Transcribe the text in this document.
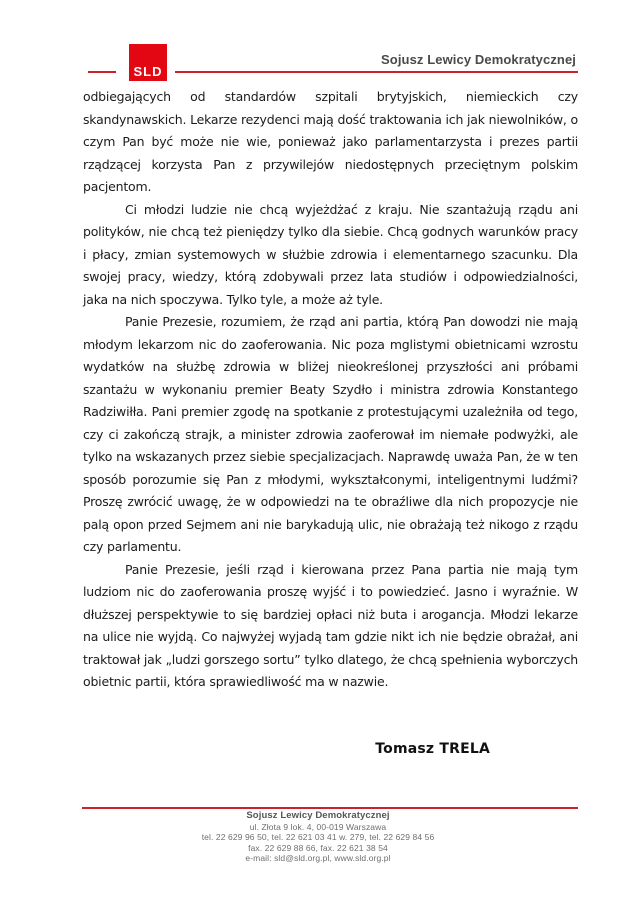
SLD
Sojusz Lewicy Demokratycznej

odbiegających od standardów szpitali brytyjskich, niemieckich czy skandynawskich. Lekarze rezydenci mają dość traktowania ich jak niewolników, o czym Pan być może nie wie, ponieważ jako parlamentarzysta i prezes partii rządzącej korzysta Pan z przywilejów niedostępnych przeciętnym polskim pacjentom.

Ci młodzi ludzie nie chcą wyjeżdżać z kraju. Nie szantażują rządu ani polityków, nie chcą też pieniędzy tylko dla siebie. Chcą godnych warunków pracy i płacy, zmian systemowych w służbie zdrowia i elementarnego szacunku. Dla swojej pracy, wiedzy, którą zdobywali przez lata studiów i odpowiedzialności, jaka na nich spoczywa. Tylko tyle, a może aż tyle.

Panie Prezesie, rozumiem, że rząd ani partia, którą Pan dowodzi nie mają młodym lekarzom nic do zaoferowania. Nic poza mglistymi obietnicami wzrostu wydatków na służbę zdrowia w bliżej nieokreślonej przyszłości ani próbami szantażu w wykonaniu premier Beaty Szydło i ministra zdrowia Konstantego Radziwiłła. Pani premier zgodę na spotkanie z protestującymi uzależniła od tego, czy ci zakończą strajk, a minister zdrowia zaoferował im niemałe podwyżki, ale tylko na wskazanych przez siebie specjalizacjach. Naprawdę uważa Pan, że w ten sposób porozumie się Pan z młodymi, wykształconymi, inteligentnymi ludźmi? Proszę zwrócić uwagę, że w odpowiedzi na te obraźliwe dla nich propozycje nie palą opon przed Sejmem ani nie barykadują ulic, nie obrażają też nikogo z rządu czy parlamentu.

Panie Prezesie, jeśli rząd i kierowana przez Pana partia nie mają tym ludziom nic do zaoferowania proszę wyjść i to powiedzieć. Jasno i wyraźnie. W dłuższej perspektywie to się bardziej opłaci niż buta i arogancja. Młodzi lekarze na ulice nie wyjdą. Co najwyżej wyjadą tam gdzie nikt ich nie będzie obrażał, ani traktował jak „ludzi gorszego sortu” tylko dlatego, że chcą spełnienia wyborczych obietnic partii, która sprawiedliwość ma w nazwie.

Tomasz TRELA
Sojusz Lewicy Demokratycznej
ul. Złota 9 lok. 4, 00-019 Warszawa
tel. 22 629 96 50, tel. 22 621 03 41 w. 279, tel. 22 629 84 56
fax. 22 629 88 66, fax. 22 621 38 54
e-mail: sld@sld.org.pl, www.sld.org.pl
